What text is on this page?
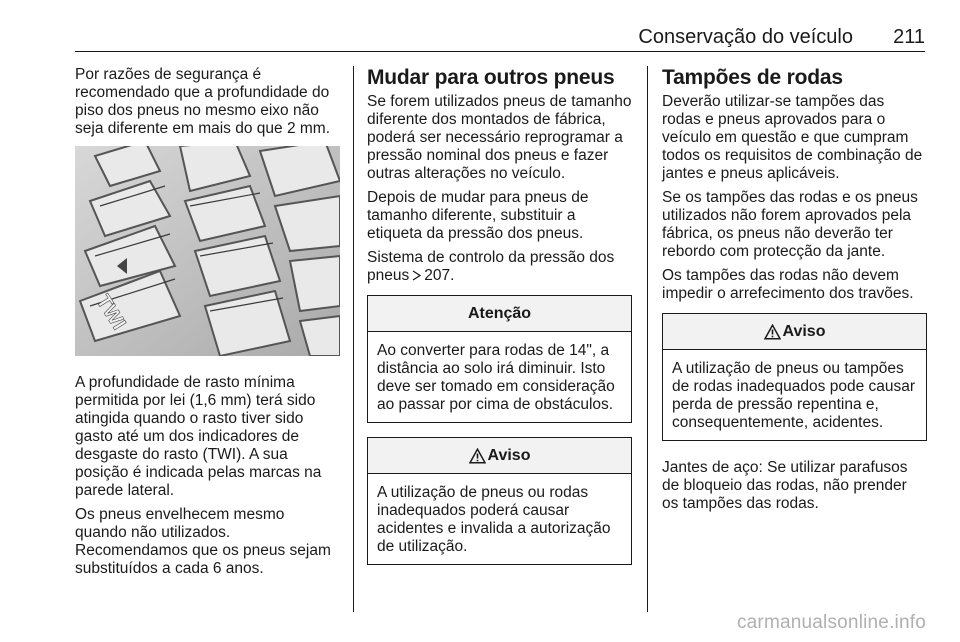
Conservação do veículo 211

Por razões de segurança é recomendado que a profundidade do piso dos pneus no mesmo eixo não seja diferente em mais do que 2 mm.

TWI

A profundidade de rasto mínima permitida por lei (1,6 mm) terá sido atingida quando o rasto tiver sido gasto até um dos indicadores de desgaste do rasto (TWI). A sua posição é indicada pelas marcas na parede lateral.

Os pneus envelhecem mesmo quando não utilizados.

Recomendamos que os pneus sejam substituídos a cada 6 anos.

Mudar para outros pneus

Se forem utilizados pneus de tamanho diferente dos montados de fábrica, poderá ser necessário reprogramar a pressão nominal dos pneus e fazer outras alterações no veículo.

Depois de mudar para pneus de tamanho diferente, substituir a etiqueta da pressão dos pneus.

Sistema de controlo da pressão dos pneus 207.

Atenção

Ao converter para rodas de 14", a distância ao solo irá diminuir. Isto deve ser tomado em consideração ao passar por cima de obstáculos.

Aviso

A utilização de pneus ou rodas inadequados poderá causar acidentes e invalida a autorização de utilização.

Tampões de rodas

Deverão utilizar-se tampões das rodas e pneus aprovados para o veículo em questão e que cumpram todos os requisitos de combinação de jantes e pneus aplicáveis.

Se os tampões das rodas e os pneus utilizados não forem aprovados pela fábrica, os pneus não deverão ter rebordo com protecção da jante.

Os tampões das rodas não devem impedir o arrefecimento dos travões.

Aviso

A utilização de pneus ou tampões de rodas inadequados pode causar perda de pressão repentina e, consequentemente, acidentes.

Jantes de aço: Se utilizar parafusos de bloqueio das rodas, não prender os tampões das rodas.

carmanualsonline.info
